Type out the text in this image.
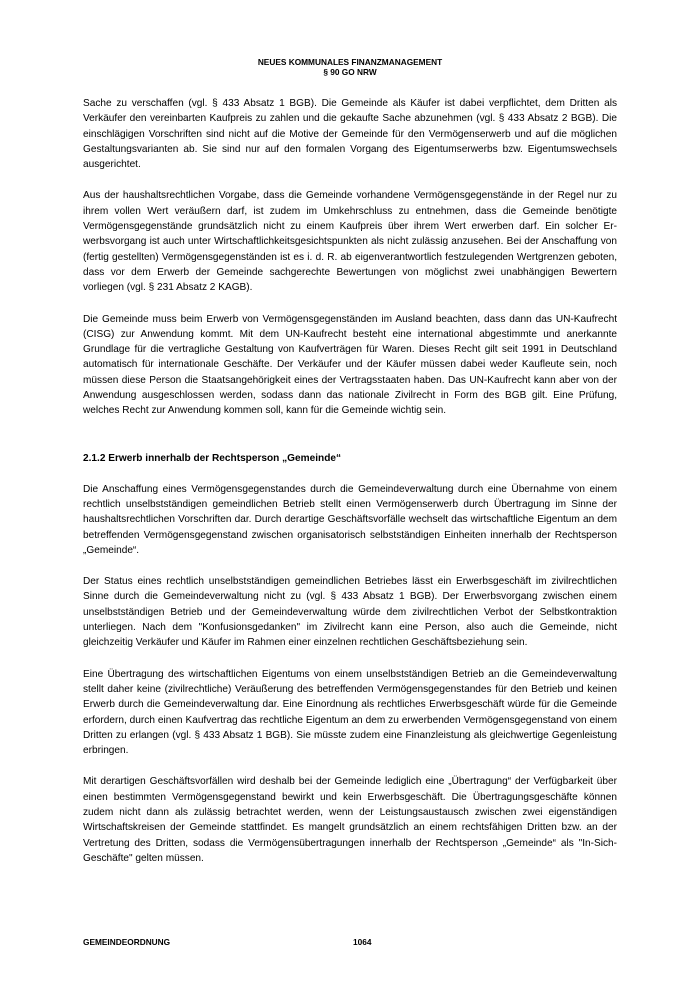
NEUES KOMMUNALES FINANZMANAGEMENT
§ 90 GO NRW

Sache zu verschaffen (vgl. § 433 Absatz 1 BGB). Die Gemeinde als Käufer ist dabei verpflichtet, dem Dritten als Verkäufer den vereinbarten Kaufpreis zu zahlen und die gekaufte Sache abzunehmen (vgl. § 433 Absatz 2 BGB). Die einschlägigen Vorschriften sind nicht auf die Motive der Gemeinde für den Vermögenserwerb und auf die möglichen Gestaltungsvarianten ab. Sie sind nur auf den formalen Vorgang des Eigentumserwerbs bzw. Eigentumswechsels ausgerichtet.

Aus der haushaltsrechtlichen Vorgabe, dass die Gemeinde vorhandene Vermögensgegenstände in der Regel nur zu ihrem vollen Wert veräußern darf, ist zudem im Umkehrschluss zu entnehmen, dass die Gemeinde benötigte Vermögensgegenstände grundsätzlich nicht zu einem Kaufpreis über ihrem Wert erwerben darf. Ein solcher Erwerbsvorgang ist auch unter Wirtschaftlichkeitsgesichtspunkten als nicht zulässig anzusehen. Bei der Anschaffung von (fertig gestellten) Vermögensgegenständen ist es i. d. R. ab eigenverantwortlich festzulegenden Wertgrenzen geboten, dass vor dem Erwerb der Gemeinde sachgerechte Bewertungen von möglichst zwei unabhängigen Bewertern vorliegen (vgl. § 231 Absatz 2 KAGB).

Die Gemeinde muss beim Erwerb von Vermögensgegenständen im Ausland beachten, dass dann das UN-Kaufrecht (CISG) zur Anwendung kommt. Mit dem UN-Kaufrecht besteht eine international abgestimmte und anerkannte Grundlage für die vertragliche Gestaltung von Kaufverträgen für Waren. Dieses Recht gilt seit 1991 in Deutschland automatisch für internationale Geschäfte. Der Verkäufer und der Käufer müssen dabei weder Kaufleute sein, noch müssen diese Person die Staatsangehörigkeit eines der Vertragsstaaten haben. Das UN-Kaufrecht kann aber von der Anwendung ausgeschlossen werden, sodass dann das nationale Zivilrecht in Form des BGB gilt. Eine Prüfung, welches Recht zur Anwendung kommen soll, kann für die Gemeinde wichtig sein.

2.1.2 Erwerb innerhalb der Rechtsperson „Gemeinde“

Die Anschaffung eines Vermögensgegenstandes durch die Gemeindeverwaltung durch eine Übernahme von einem rechtlich unselbstständigen gemeindlichen Betrieb stellt einen Vermögenserwerb durch Übertragung im Sinne der haushaltsrechtlichen Vorschriften dar. Durch derartige Geschäftsvorfälle wechselt das wirtschaftliche Eigentum an dem betreffenden Vermögensgegenstand zwischen organisatorisch selbstständigen Einheiten innerhalb der Rechtsperson „Gemeinde“.

Der Status eines rechtlich unselbstständigen gemeindlichen Betriebes lässt ein Erwerbsgeschäft im zivilrechtlichen Sinne durch die Gemeindeverwaltung nicht zu (vgl. § 433 Absatz 1 BGB). Der Erwerbsvorgang zwischen einem unselbstständigen Betrieb und der Gemeindeverwaltung würde dem zivilrechtlichen Verbot der Selbstkontraktion unterliegen. Nach dem "Konfusionsgedanken" im Zivilrecht kann eine Person, also auch die Gemeinde, nicht gleichzeitig Verkäufer und Käufer im Rahmen einer einzelnen rechtlichen Geschäftsbeziehung sein.

Eine Übertragung des wirtschaftlichen Eigentums von einem unselbstständigen Betrieb an die Gemeindeverwaltung stellt daher keine (zivilrechtliche) Veräußerung des betreffenden Vermögensgegenstandes für den Betrieb und keinen Erwerb durch die Gemeindeverwaltung dar. Eine Einordnung als rechtliches Erwerbsgeschäft würde für die Gemeinde erfordern, durch einen Kaufvertrag das rechtliche Eigentum an dem zu erwerbenden Vermögensgegenstand von einem Dritten zu erlangen (vgl. § 433 Absatz 1 BGB). Sie müsste zudem eine Finanzleistung als gleichwertige Gegenleistung erbringen.

Mit derartigen Geschäftsvorfällen wird deshalb bei der Gemeinde lediglich eine „Übertragung“ der Verfügbarkeit über einen bestimmten Vermögensgegenstand bewirkt und kein Erwerbsgeschäft. Die Übertragungsgeschäfte können zudem nicht dann als zulässig betrachtet werden, wenn der Leistungsaustausch zwischen zwei eigenständigen Wirtschaftskreisen der Gemeinde stattfindet. Es mangelt grundsätzlich an einem rechtsfähigen Dritten bzw. an der Vertretung des Dritten, sodass die Vermögensübertragungen innerhalb der Rechtsperson „Gemeinde“ als "In-Sich-Geschäfte" gelten müssen.

GEMEINDEORDNUNG	1064
